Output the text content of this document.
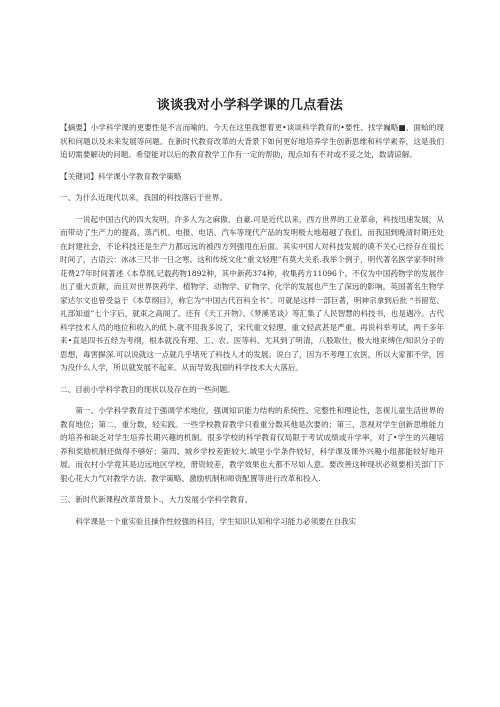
谈谈我对小学科学课的几点看法

【摘要】小学科学课的更要性是不言而喻的。今天在这里我想着更•谈谈科学教育的•要性、找学巍略■、面蛤的现状和问题以及未来发展等问题。在新时代教育改革的大背景下如何更好地培养学生创新思维和科学素养，这是我们追切需要解决的问题。希望能对以后的教育教学工作有一定的帮助，现点如有不对或不妥之处，数请谅解。

【关键词】科学课小学教育教学策略

一、为什么近现代以来，我国的科技落后于世界。

一说起中国古代的四大发明，许多人为之麻傲、自豪.可是近代以来，西方世界的工业革命，科技迅速发展，从而带动了生产力的提高，蒸汽机、电报、电话、汽车等现代产品的发明极大地超越了我们。而我国到晚清时期还处在封建社会，不论科技还是生产力都远远的被西方列强甩在后面。其实中国人对科技发展的谟不关心已经存在很长时间了，古语云：冰冰三尺非一日之寒。这和传统文化“重文轻理”有莫大关系.我举个例子，明代著名医学家李时珍花费27年时间著述《本草纲,记载药物1892种，其中新药374种，收集药方11096个。不仅为中国药物学的发展作出了重大贡献，而且对世界医药学、植物学、动物学、矿物学、化学的发展也产生了深远的影响。英国著名生物学家达尔文也曾受益于《本草纲目》，称它为“中国古代百科全书”。可就是这样一部巨著，明神宗拿到后批 “书留览、礼部知道”七个字后，就束之高阁了。还有《天工开物》、《梦溪笔谈》等汇集了人民智慧的科技书，也是遇冷。古代科学技术人员的地位和收入的低卜.就不用我多说了，宋代重文轻理、重文轻武甚是严重。再说科举考试，两千多年来•直是四书五经为考纲，根本就没有理、工、农、医等科。尤其到了明清，八股取仕，极大地束缚住/知识分子的思想，毒害摒深.可以说就这一点就几乎堵死了科技人才的发展。说白了，因为不考理工农医，所以大家都不学，因为没什么人学，所以就发展不起来。从而导致我国的科学技术大大落后。

二、目前小学科学教目的现状以及存在的一些问题。

第一、小学科学教育过于强调学术地位，强调知识能力结构的系统性、完整性和理论性，忽视儿童生活世界的教育地位；第二、重分数，轻实践。一些学校教育教学只看重分数其他是次要的；第三、忽视对学生创新思维能力的培养和缺乏对学生培养长期兴趣的机制。很多学校的科学教育仅局限于考试成绩或升学率，对了•学生的兴趣培养和奖励机制还做得不够好；第四、城乡学校差距较大.城里小学条件较好，科学课及课外兴趣小组都能较好地开展。而农村小学竟其是边远地区学校，册资较差，教学效果也大都不尽如人意。要改善这种现状必须要相关部门下狠心花大力气对教学方法、教学策略、激励机制和师资配置等进行改革和投入.

三、新时代新课程改革背景卜.，大力发展小学科学教育。

科学课是一个重实验且操作性较强的科目，学生知识认知和学习能力必须要在自我实
